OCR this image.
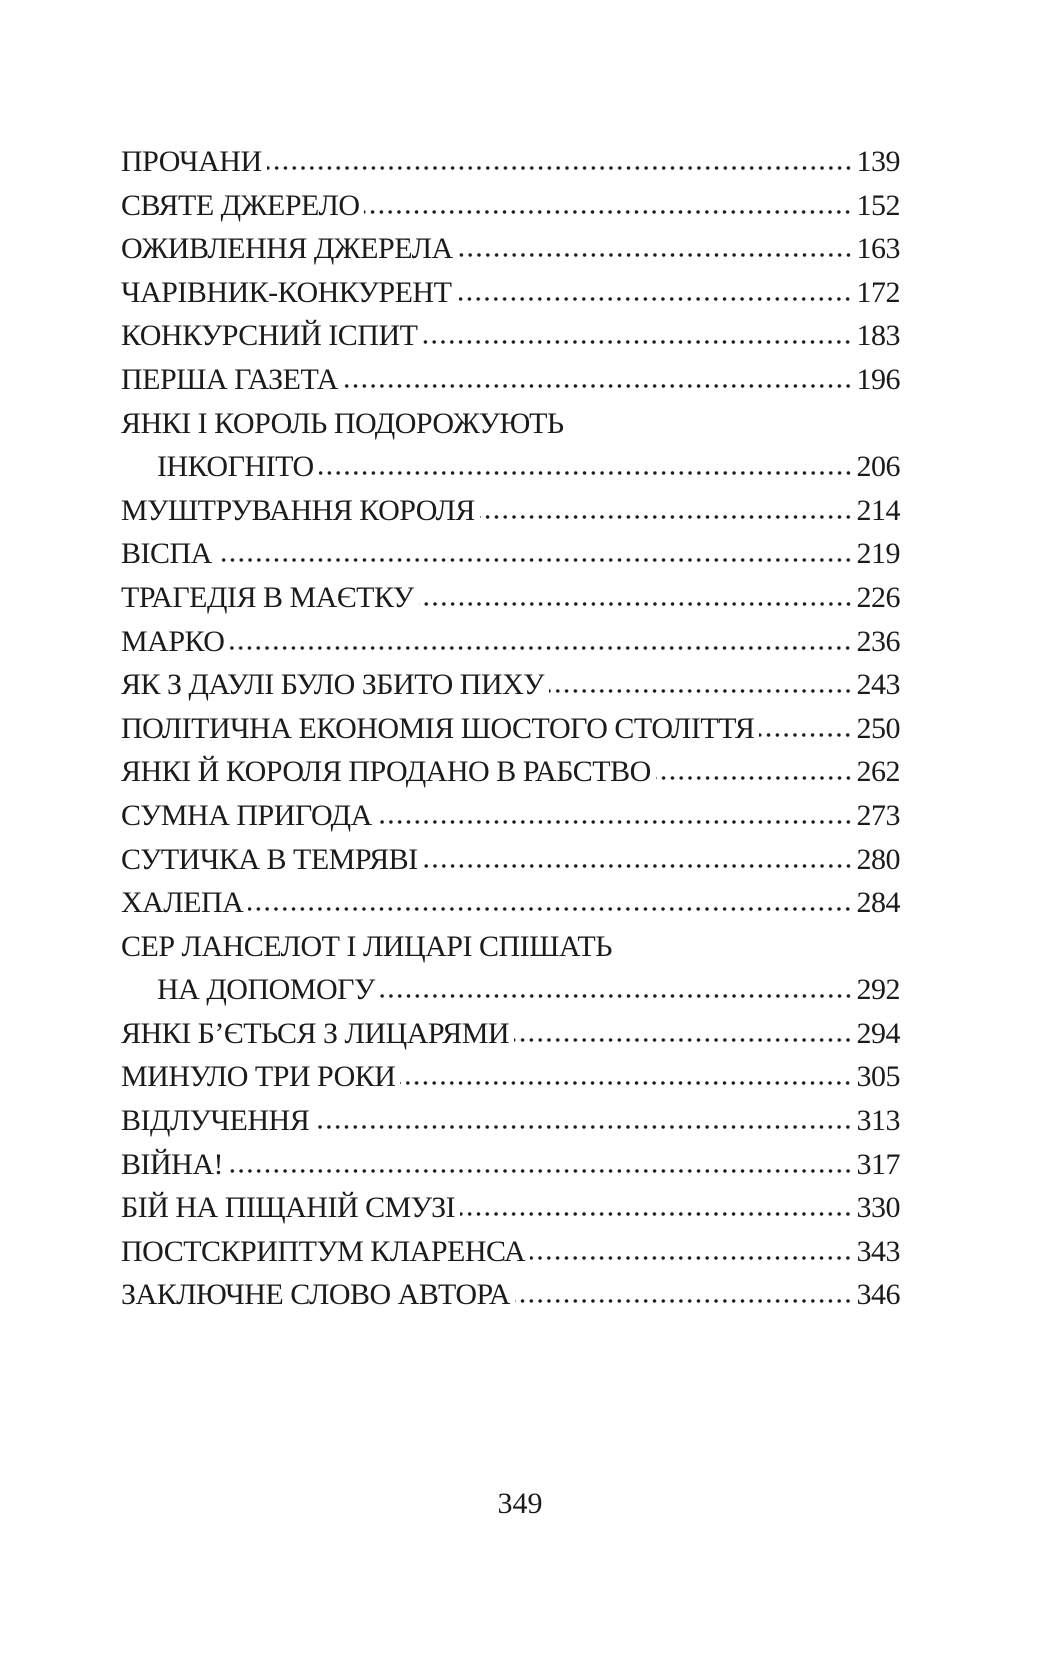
ПРОЧАНИ	139
СВЯТЕ ДЖЕРЕЛО	152
ОЖИВЛЕННЯ ДЖЕРЕЛА	163
ЧАРІВНИК-КОНКУРЕНТ	172
КОНКУРСНИЙ ІСПИТ	183
ПЕРША ГАЗЕТА	196
ЯНКІ І КОРОЛЬ ПОДОРОЖУЮТЬ
ІНКОГНІТО	206
МУШТРУВАННЯ КОРОЛЯ	214
ВІСПА	219
ТРАГЕДІЯ В МАЄТКУ	226
МАРКО	236
ЯК З ДАУЛІ БУЛО ЗБИТО ПИХУ	243
ПОЛІТИЧНА ЕКОНОМІЯ ШОСТОГО СТОЛІТТЯ	250
ЯНКІ Й КОРОЛЯ ПРОДАНО В РАБСТВО	262
СУМНА ПРИГОДА	273
СУТИЧКА В ТЕМРЯВІ	280
ХАЛЕПА	284
СЕР ЛАНСЕЛОТ І ЛИЦАРІ СПІШАТЬ
НА ДОПОМОГУ	292
ЯНКІ Б’ЄТЬСЯ З ЛИЦАРЯМИ	294
МИНУЛО ТРИ РОКИ	305
ВІДЛУЧЕННЯ	313
ВІЙНА!	317
БІЙ НА ПІЩАНІЙ СМУЗІ	330
ПОСТСКРИПТУМ КЛАРЕНСА	343
ЗАКЛЮЧНЕ СЛОВО АВТОРА	346
349
